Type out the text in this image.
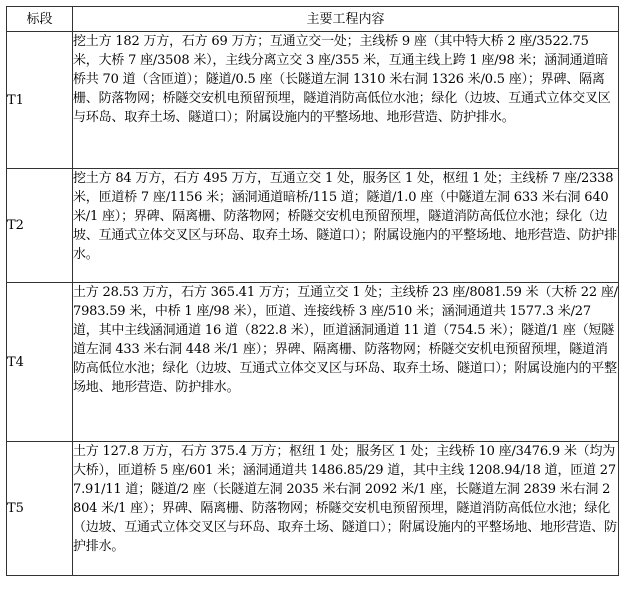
标段	主要工程内容
T1	挖土方 182 万方，石方 69 万方；互通立交一处；主线桥 9 座（其中特大桥 2 座/3522.75 米，大桥 7 座/3508 米），主线分离立交 3 座/355 米，互通主线上跨 1 座/98 米；涵洞通道暗桥共 70 道（含匝道）；隧道/0.5 座（长隧道左洞 1310 米右洞 1326 米/0.5 座）；界碑、隔离栅、防落物网；桥隧交安机电预留预埋，隧道消防高低位水池；绿化（边坡、互通式立体交叉区与环岛、取弃土场、隧道口）；附属设施内的平整场地、地形营造、防护排水。
T2	挖土方 84 万方，石方 495 万方，互通立交 1 处，服务区 1 处，枢纽 1 处；主线桥 7 座/2338 米，匝道桥 7 座/1156 米；涵洞通道暗桥/115 道；隧道/1.0 座（中隧道左洞 633 米右洞 640 米/1 座）；界碑、隔离栅、防落物网；桥隧交安机电预留预埋，隧道消防高低位水池；绿化（边坡、互通式立体交叉区与环岛、取弃土场、隧道口）；附属设施内的平整场地、地形营造、防护排水。
T4	土方 28.53 万方，石方 365.41 万方；互通立交 1 处；主线桥 23 座/8081.59 米（大桥 22 座/7983.59 米，中桥 1 座/98 米），匝道、连接线桥 3 座/510 米；涵洞通道共 1577.3 米/27 道，其中主线涵洞通道 16 道（822.8 米），匝道涵洞通道 11 道（754.5 米）；隧道/1 座（短隧道左洞 433 米右洞 448 米/1 座）；界碑、隔离栅、防落物网；桥隧交安机电预留预埋，隧道消防高低位水池；绿化（边坡、互通式立体交叉区与环岛、取弃土场、隧道口）；附属设施内的平整场地、地形营造、防护排水。
T5	土方 127.8 万方，石方 375.4 万方；枢纽 1 处；服务区 1 处；主线桥 10 座/3476.9 米（均为大桥），匝道桥 5 座/601 米；涵洞通道共 1486.85/29 道，其中主线 1208.94/18 道，匝道 277.91/11 道；隧道/2 座（长隧道左洞 2035 米右洞 2092 米/1 座，长隧道左洞 2839 米右洞 2804 米/1 座）；界碑、隔离栅、防落物网；桥隧交安机电预留预埋，隧道消防高低位水池；绿化（边坡、互通式立体交叉区与环岛、取弃土场、隧道口）；附属设施内的平整场地、地形营造、防护排水。
